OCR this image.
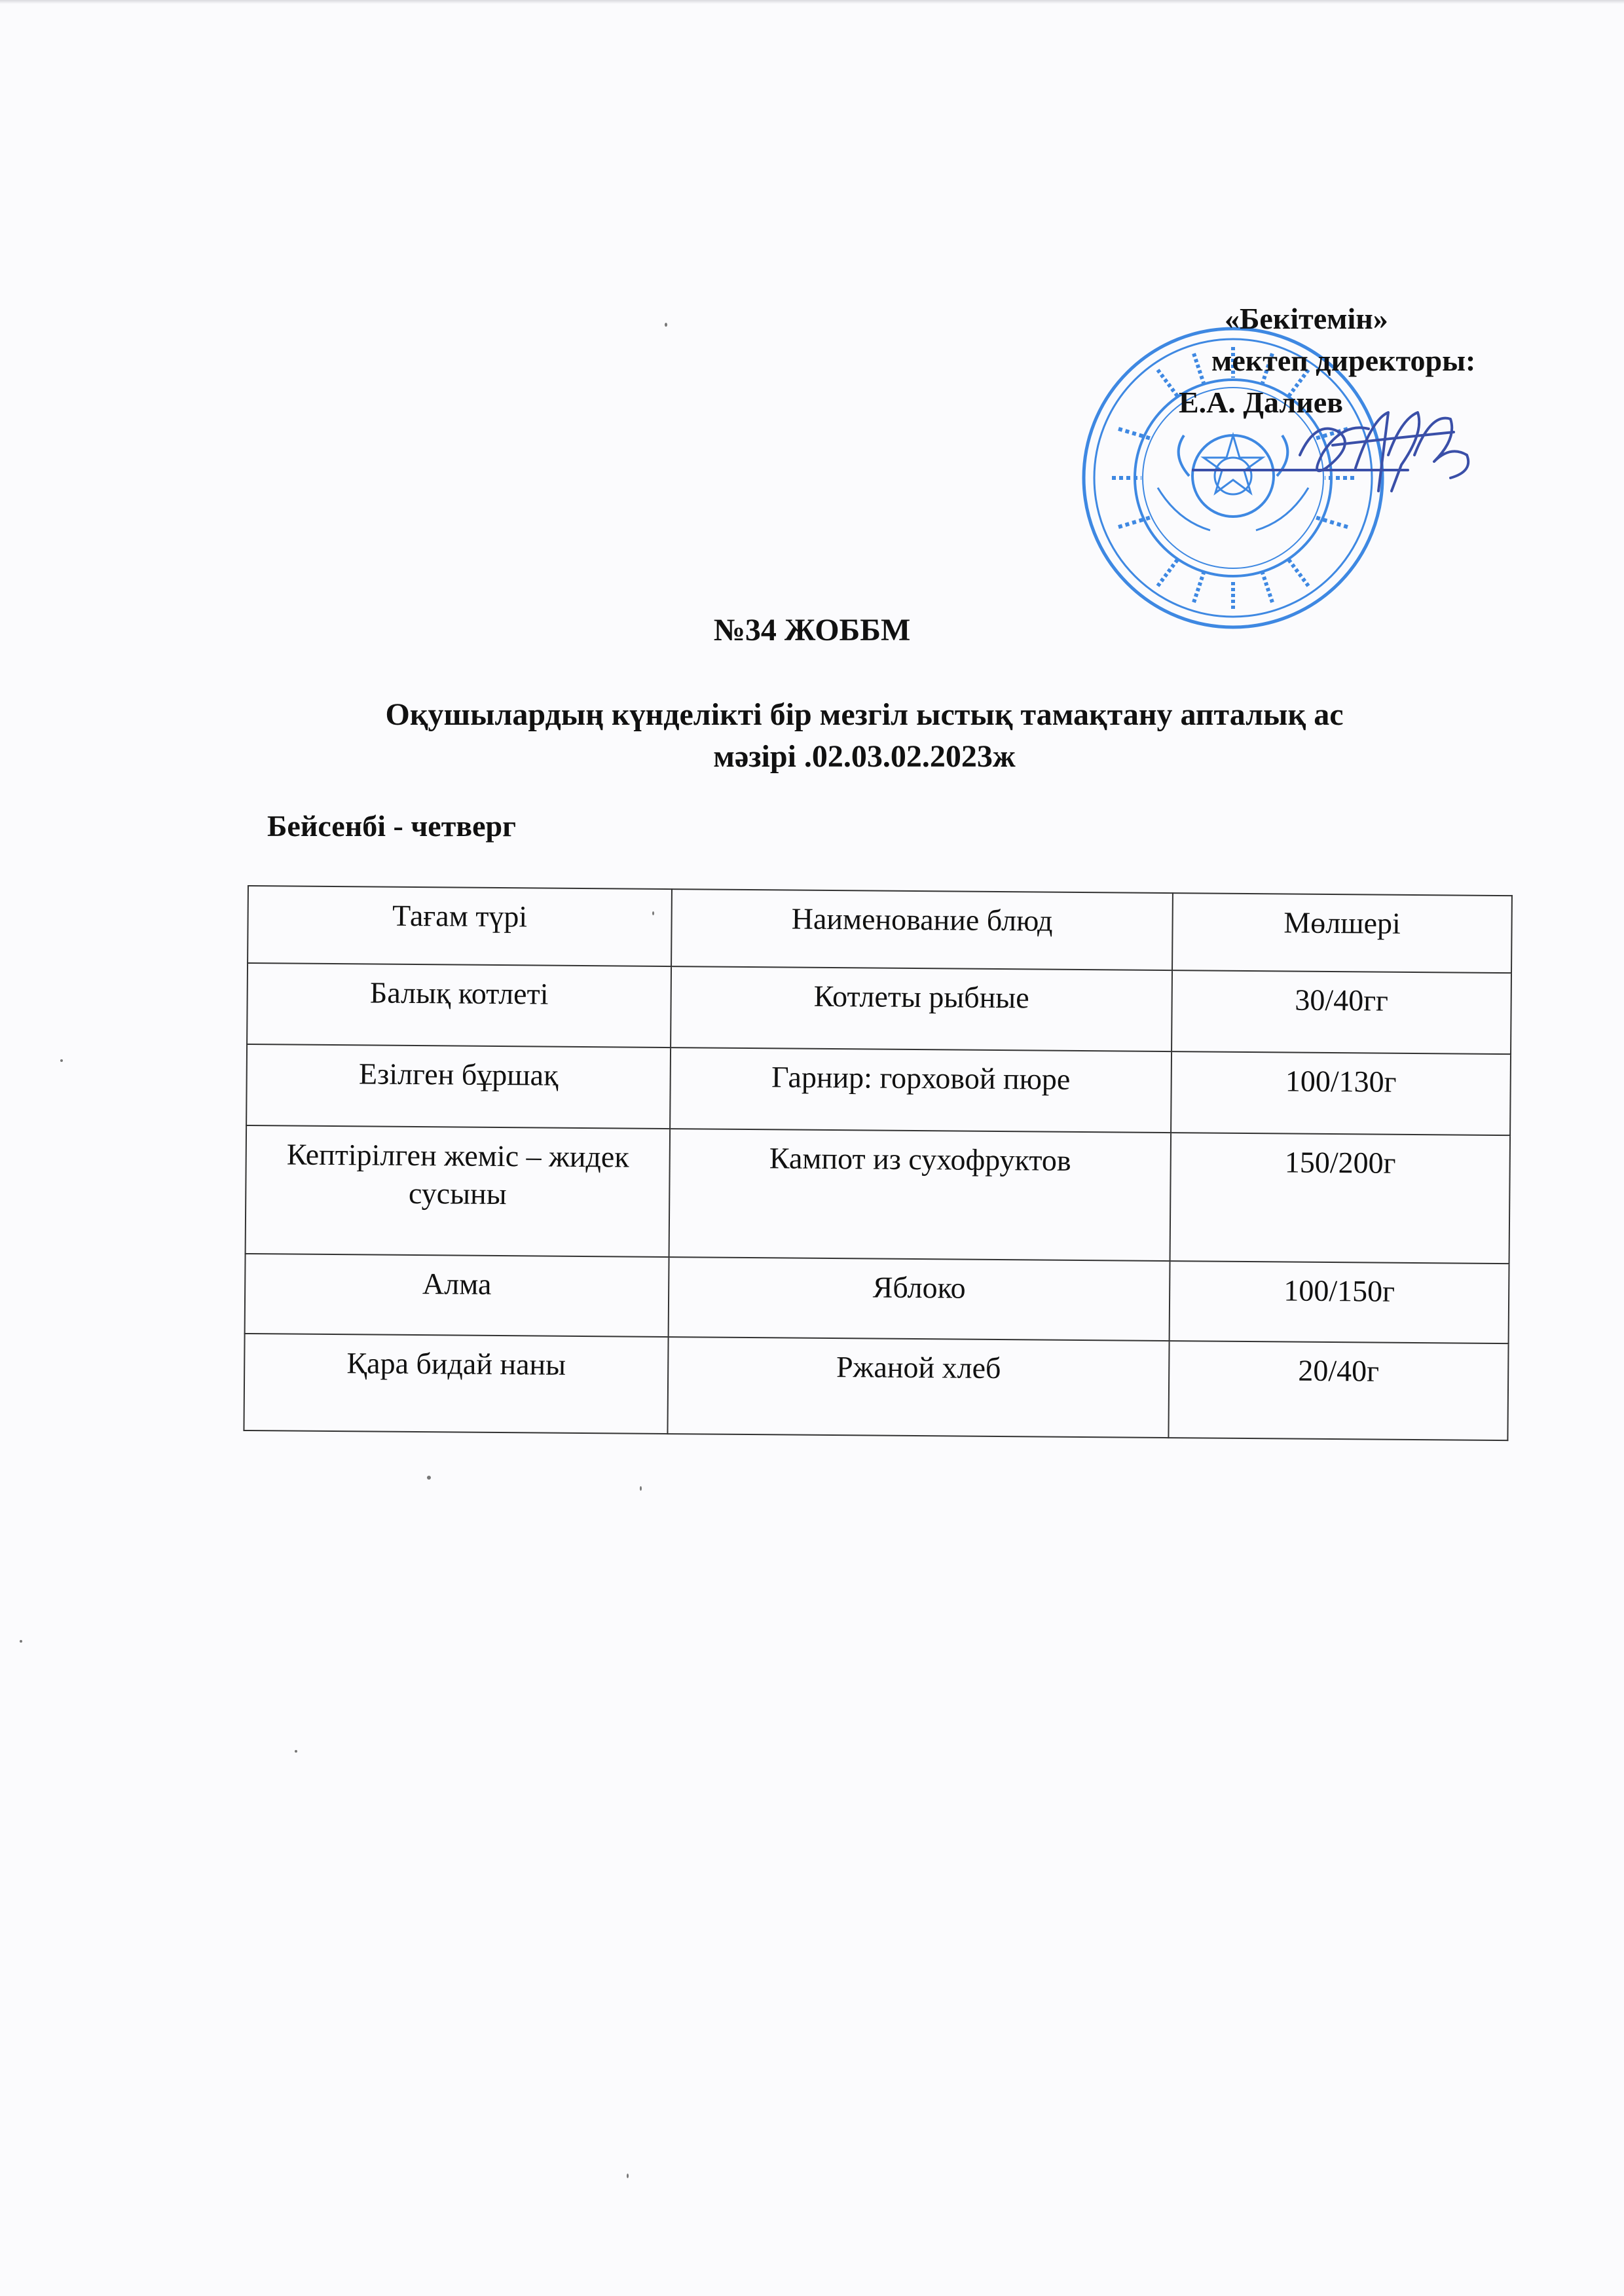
«Бекітемін»
мектеп директоры:
Е.А. Далиев
№34 ЖОББМ
Оқушылардың күнделікті бір мезгіл ыстық тамақтану апталық ас
мәзірі .02.03.02.2023ж
Бейсенбі - четверг
Тағам түрі	Наименование блюд	Мөлшері
Балық котлеті	Котлеты рыбные	30/40гг
Езілген бұршақ	Гарнир: горховой пюре	100/130г
Кептірілген жеміс – жидек сусыны	Кампот из сухофруктов	150/200г
Алма	Яблоко	100/150г
Қара бидай наны	Ржаной хлеб	20/40г
